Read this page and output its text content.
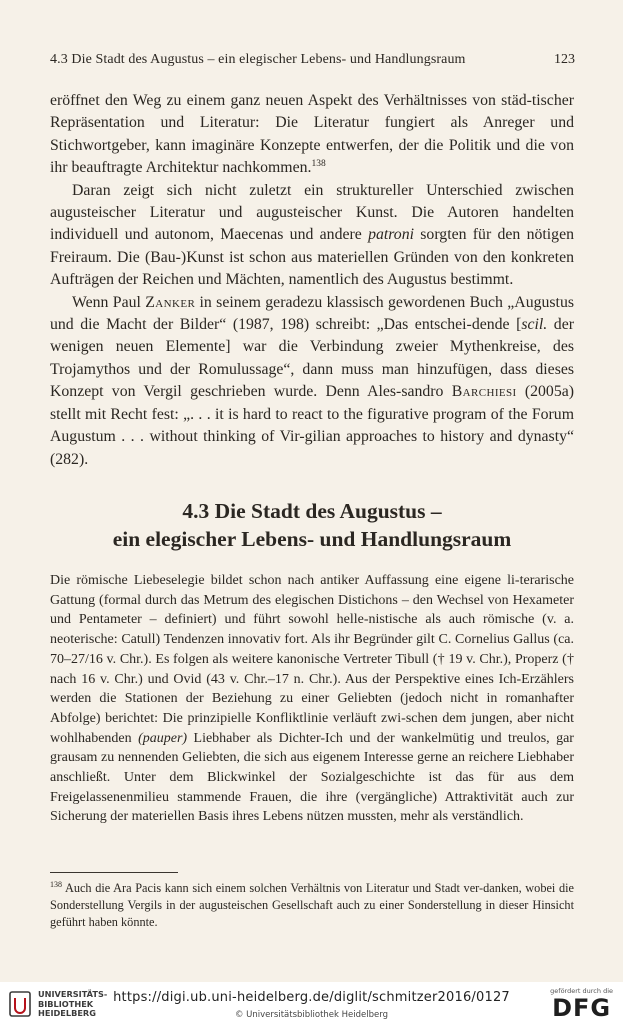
4.3 Die Stadt des Augustus – ein elegischer Lebens- und Handlungsraum	123

eröffnet den Weg zu einem ganz neuen Aspekt des Verhältnisses von städ-tischer Repräsentation und Literatur: Die Literatur fungiert als Anreger und Stichwortgeber, kann imaginäre Konzepte entwerfen, der die Politik und die von ihr beauftragte Architektur nachkommen.$^{138}$

Daran zeigt sich nicht zuletzt ein struktureller Unterschied zwischen augusteischer Literatur und augusteischer Kunst. Die Autoren handelten individuell und autonom, Maecenas und andere patroni sorgten für den nötigen Freiraum. Die (Bau-)Kunst ist schon aus materiellen Gründen von den konkreten Aufträgen der Reichen und Mächten, namentlich des Augustus bestimmt.

Wenn Paul Zanker in seinem geradezu klassisch gewordenen Buch „Augustus und die Macht der Bilder“ (1987, 198) schreibt: „Das entschei-dende [scil. der wenigen neuen Elemente] war die Verbindung zweier Mythenkreise, des Trojamythos und der Romulussage“, dann muss man hinzufügen, dass dieses Konzept von Vergil geschrieben wurde. Denn Ales-sandro Barchiesi (2005a) stellt mit Recht fest: „. . . it is hard to react to the figurative program of the Forum Augustum . . . without thinking of Vir-gilian approaches to history and dynasty“ (282).

4.3 Die Stadt des Augustus –
ein elegischer Lebens- und Handlungsraum

Die römische Liebeselegie bildet schon nach antiker Auffassung eine eigene li-terarische Gattung (formal durch das Metrum des elegischen Distichons – den Wechsel von Hexameter und Pentameter – definiert) und führt sowohl helle-nistische als auch römische (v. a. neoterische: Catull) Tendenzen innovativ fort. Als ihr Begründer gilt C. Cornelius Gallus (ca. 70–27/16 v. Chr.). Es folgen als weitere kanonische Vertreter Tibull († 19 v. Chr.), Properz († nach 16 v. Chr.) und Ovid (43 v. Chr.–17 n. Chr.). Aus der Perspektive eines Ich-Erzählers werden die Stationen der Beziehung zu einer Geliebten (jedoch nicht in romanhafter Abfolge) berichtet: Die prinzipielle Konfliktlinie verläuft zwi-schen dem jungen, aber nicht wohlhabenden (pauper) Liebhaber als Dichter-Ich und der wankelmütig und treulos, gar grausam zu nennenden Geliebten, die sich aus eigenem Interesse gerne an reichere Liebhaber anschließt. Unter dem Blickwinkel der Sozialgeschichte ist das für aus dem Freigelassenenmilieu stammende Frauen, die ihre (vergängliche) Attraktivität auch zur Sicherung der materiellen Basis ihres Lebens nützen mussten, mehr als verständlich.

$^{138}$ Auch die Ara Pacis kann sich einem solchen Verhältnis von Literatur und Stadt ver-danken, wobei die Sonderstellung Vergils in der augusteischen Gesellschaft auch zu einer Sonderstellung in dieser Hinsicht geführt haben könnte.
UNIVERSITÄTS-
BIBLIOTHEK
HEIDELBERG
https://digi.ub.uni-heidelberg.de/diglit/schmitzer2016/0127
© Universitätsbibliothek Heidelberg
gefördert durch die
DFG
